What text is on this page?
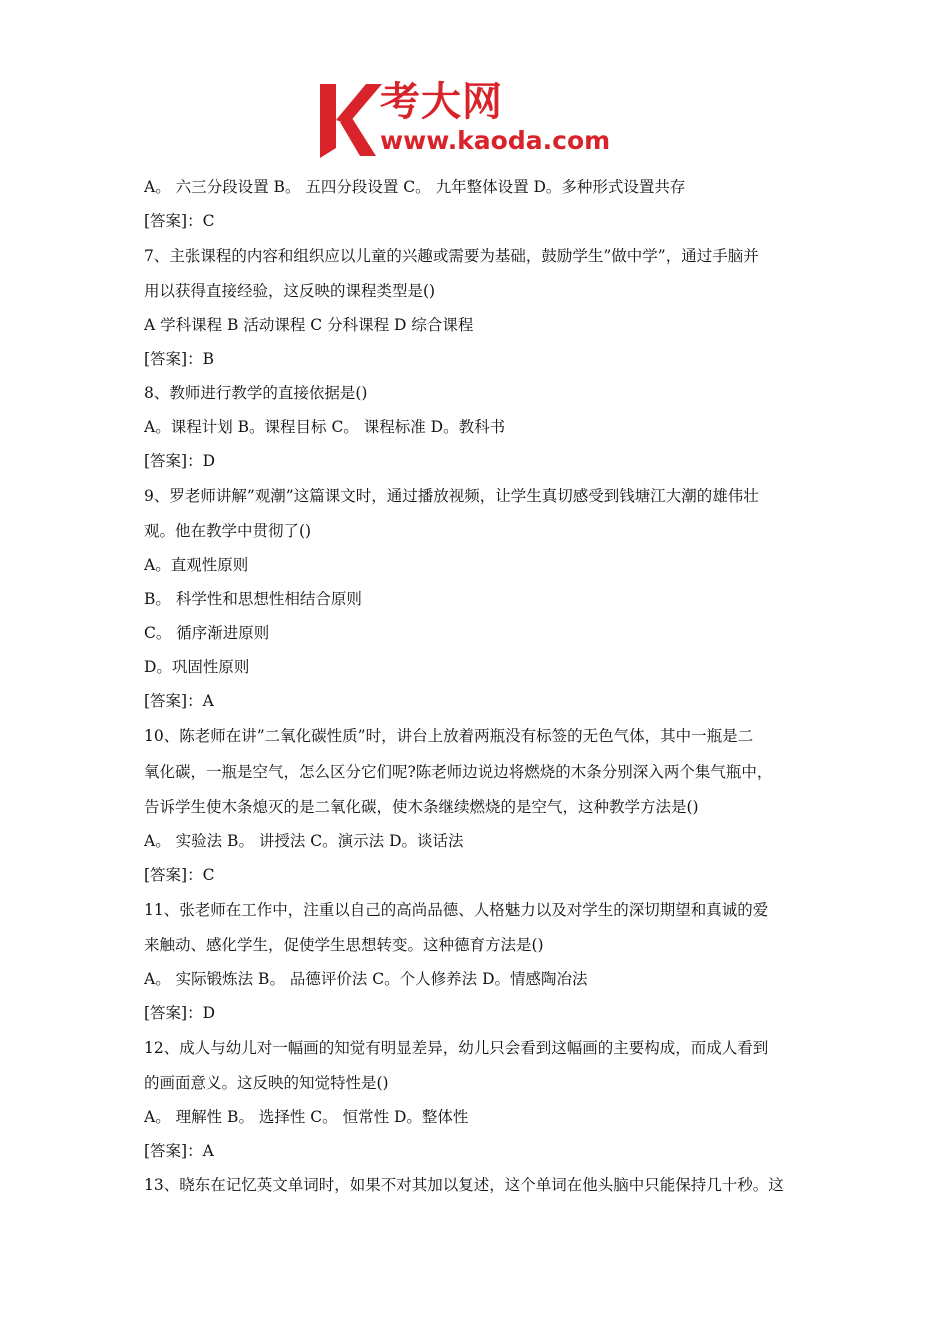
考大网
www.kaoda.com
A。 六三分段设置 B。 五四分段设置 C。 九年整体设置 D。多种形式设置共存
[答案]：C
7、主张课程的内容和组织应以儿童的兴趣或需要为基础，鼓励学生”做中学”，通过手脑并
用以获得直接经验，这反映的课程类型是()
A 学科课程 B 活动课程 C 分科课程 D 综合课程
[答案]：B
8、教师进行教学的直接依据是()
A。课程计划 B。课程目标 C。 课程标准 D。教科书
[答案]：D
9、罗老师讲解”观潮”这篇课文时，通过播放视频，让学生真切感受到钱塘江大潮的雄伟壮
观。他在教学中贯彻了()
A。直观性原则
B。 科学性和思想性相结合原则
C。 循序渐进原则
D。巩固性原则
[答案]：A
10、陈老师在讲”二氧化碳性质”时，讲台上放着两瓶没有标签的无色气体，其中一瓶是二
氧化碳，一瓶是空气，怎么区分它们呢?陈老师边说边将燃烧的木条分别深入两个集气瓶中，
告诉学生使木条熄灭的是二氧化碳，使木条继续燃烧的是空气，这种教学方法是()
A。 实验法 B。 讲授法 C。演示法 D。谈话法
[答案]：C
11、张老师在工作中，注重以自己的高尚品德、人格魅力以及对学生的深切期望和真诚的爱
来触动、感化学生，促使学生思想转变。这种德育方法是()
A。 实际锻炼法 B。 品德评价法 C。个人修养法 D。情感陶冶法
[答案]：D
12、成人与幼儿对一幅画的知觉有明显差异，幼儿只会看到这幅画的主要构成，而成人看到
的画面意义。这反映的知觉特性是()
A。 理解性 B。 选择性 C。 恒常性 D。整体性
[答案]：A
13、晓东在记忆英文单词时，如果不对其加以复述，这个单词在他头脑中只能保持几十秒。这
